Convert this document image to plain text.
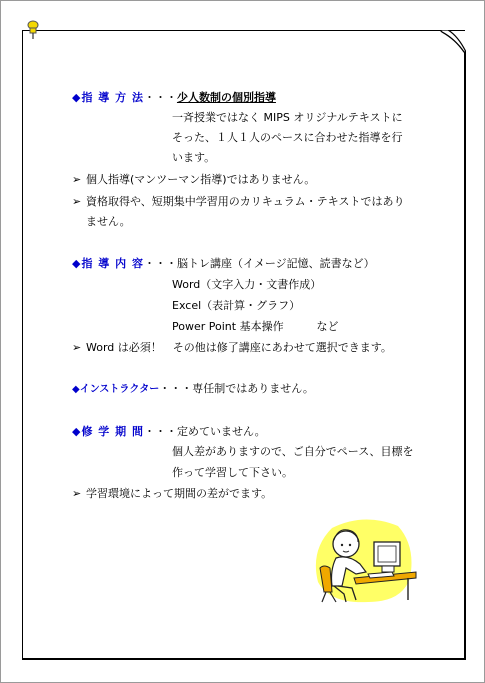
◆指 導 方 法・・・少人数制の個別指導
一斉授業ではなく MIPS オリジナルテキストに
そった、１人１人のペースに合わせた指導を行
います。
➢ 個人指導(マンツーマン指導)ではありません。
➢ 資格取得や、短期集中学習用のカリキュラム・テキストではあり
ません。
◆指 導 内 容・・・脳トレ講座（イメージ記憶、読書など）
Word（文字入力・文書作成）
Excel（表計算・グラフ）
Power Point 基本操作　　　など
➢ Word は必須！　その他は修了講座にあわせて選択できます。
◆インストラクター・・・専任制ではありません。
◆修 学 期 間・・・定めていません。
個人差がありますので、ご自分でペース、目標を
作って学習して下さい。
➢ 学習環境によって期間の差がでます。
